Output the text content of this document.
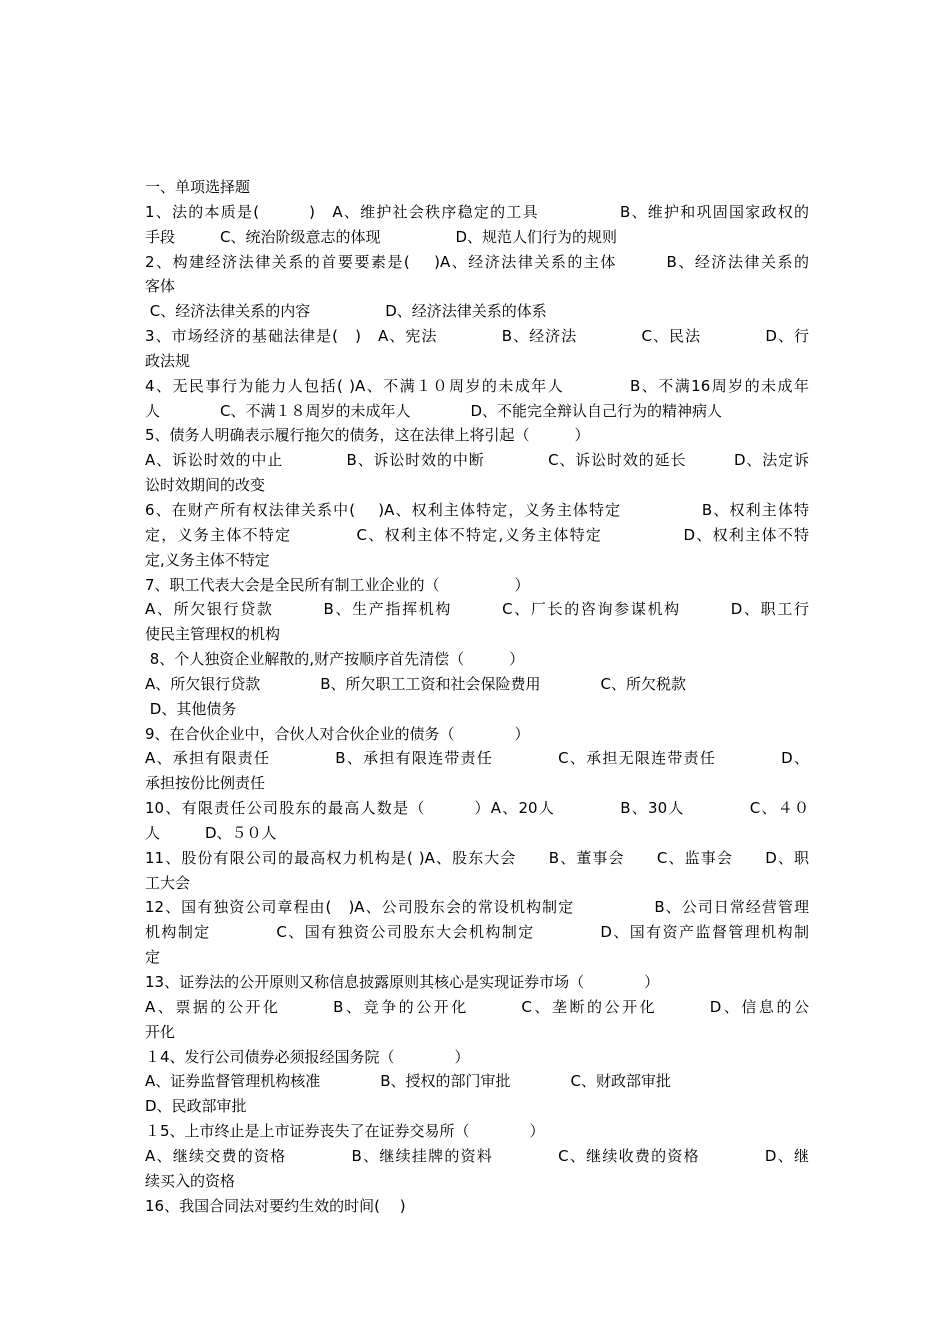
一、单项选择题
1、法的本质是(　　　)　A、维护社会秩序稳定的工具　　　　　B、维护和巩固国家政权的
手段　　　C、统治阶级意志的体现　　　　　D、规范人们行为的规则
2、构建经济法律关系的首要要素是(　 )A、经济法律关系的主体　　　B、经济法律关系的
客体
C、经济法律关系的内容　　　　　D、经济法律关系的体系
3、市场经济的基础法律是(　)　A、宪法　　　　B、经济法　　　　C、民法　　　　D、行
政法规
4、无民事行为能力人包括( )A、不满１０周岁的未成年人　　　　B、不满16周岁的未成年
人　　　　C、不满１８周岁的未成年人　　　　D、不能完全辩认自己行为的精神病人
5、债务人明确表示履行拖欠的债务，这在法律上将引起（　　　）
A、诉讼时效的中止　　　　B、诉讼时效的中断　　　　C、诉讼时效的延长　　　D、法定诉
讼时效期间的改变
6、在财产所有权法律关系中(　 )A、权利主体特定，义务主体特定　　　　　B、权利主体特
定，义务主体不特定　　　　C、权利主体不特定,义务主体特定　　　　　D、权利主体不特
定,义务主体不特定
7、职工代表大会是全民所有制工业企业的（　　　　　）
A、所欠银行贷款　　　B、生产指挥机构　　　C、厂长的咨询参谋机构　　　D、职工行
使民主管理权的机构
8、个人独资企业解散的,财产按顺序首先清偿（　　　）
A、所欠银行贷款　　　　B、所欠职工工资和社会保险费用　　　　C、所欠税款
D、其他债务
9、在合伙企业中，合伙人对合伙企业的债务（　　　　）
A、承担有限责任　　　　B、承担有限连带责任　　　　C、承担无限连带责任　　　　D、
承担按份比例责任
10、有限责任公司股东的最高人数是（　　　）A、20人　　　　B、30人　　　　C、４０
人　　　D、５０人
11、股份有限公司的最高权力机构是( )A、股东大会　　B、董事会　　C、监事会　　D、职
工大会
12、国有独资公司章程由(　)A、公司股东会的常设机构制定　　　　　B、公司日常经营管理
机构制定　　　　C、国有独资公司股东大会机构制定　　　　D、国有资产监督管理机构制
定
13、证券法的公开原则又称信息披露原则其核心是实现证券市场（　　　　）
A、票据的公开化　　　B、竞争的公开化　　　C、垄断的公开化　　　D、信息的公
开化
１4、发行公司债券必须报经国务院（　　　　）
A、证券监督管理机构核准　　　　B、授权的部门审批　　　　C、财政部审批
D、民政部审批
１5、上市终止是上市证券丧失了在证券交易所（　　　　）
A、继续交费的资格　　　　B、继续挂牌的资料　　　　C、继续收费的资格　　　　D、继
续买入的资格
16、我国合同法对要约生效的时间(　 )
